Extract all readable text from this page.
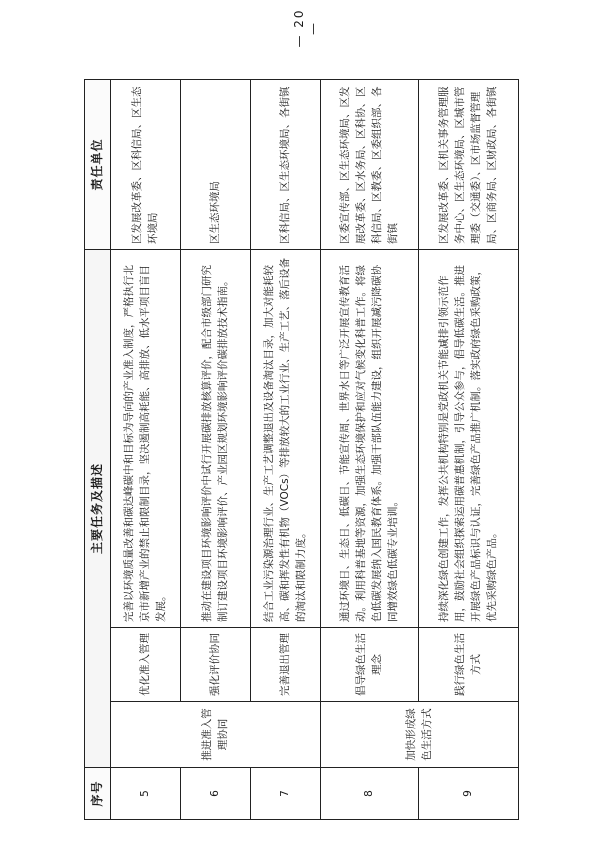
序号	主要任务及描述			责任单位
5	推进准入管理协同	优化准入管理	完善以环境质量改善和碳达峰碳中和目标为导向的产业准入制度，严格执行北京市新增产业的禁止和限制目录，坚决遏制高耗能、高排放、低水平项目盲目发展。	区发展改革委、区科信局、区生态环境局
6		强化评价协同	推动在建设项目环境影响评价中试行开展碳排放核算评价，配合市级部门研究制订建设项目环境影响评价、产业园区规划环境影响评价碳排放技术指南。	区生态环境局
7		完善退出管理	结合工业污染源治理行业、生产工艺调整退出及设备淘汰目录，加大对能耗较高、碳和挥发性有机物（VOCs）等排放较大的工业行业、生产工艺、落后设备的淘汰和限制力度。	区科信局、区生态环境局、各街镇
8	加快形成绿色生活方式	倡导绿色生活理念	通过环境日、生态日、低碳日、节能宣传周、世界水日等广泛开展宣传教育活动。利用科普基地等资源，加强生态环境保护和应对气候变化科普工作。将绿色低碳发展纳入国民教育体系。加强干部队伍能力建设，组织开展减污降碳协同增效绿色低碳专业培训。	区委宣传部、区生态环境局、区发展改革委、区水务局、区科协、区科信局、区教委、区委组织部、各街镇
9		践行绿色生活方式	持续深化绿色创建工作，发挥公共机构特别是党政机关节能减排引领示范作用，鼓励社会组织探索运用碳普惠机制，引导公众参与，倡导低碳生活。推进开展绿色产品标识与认证，完善绿色产品推广机制。落实政府绿色采购政策，优先采购绿色产品。	区发展改革委、区机关事务管理服务中心、区生态环境局、区城市管理委（交通委）、区市场监督管理局、区商务局、区财政局、各街镇
— 20 —
